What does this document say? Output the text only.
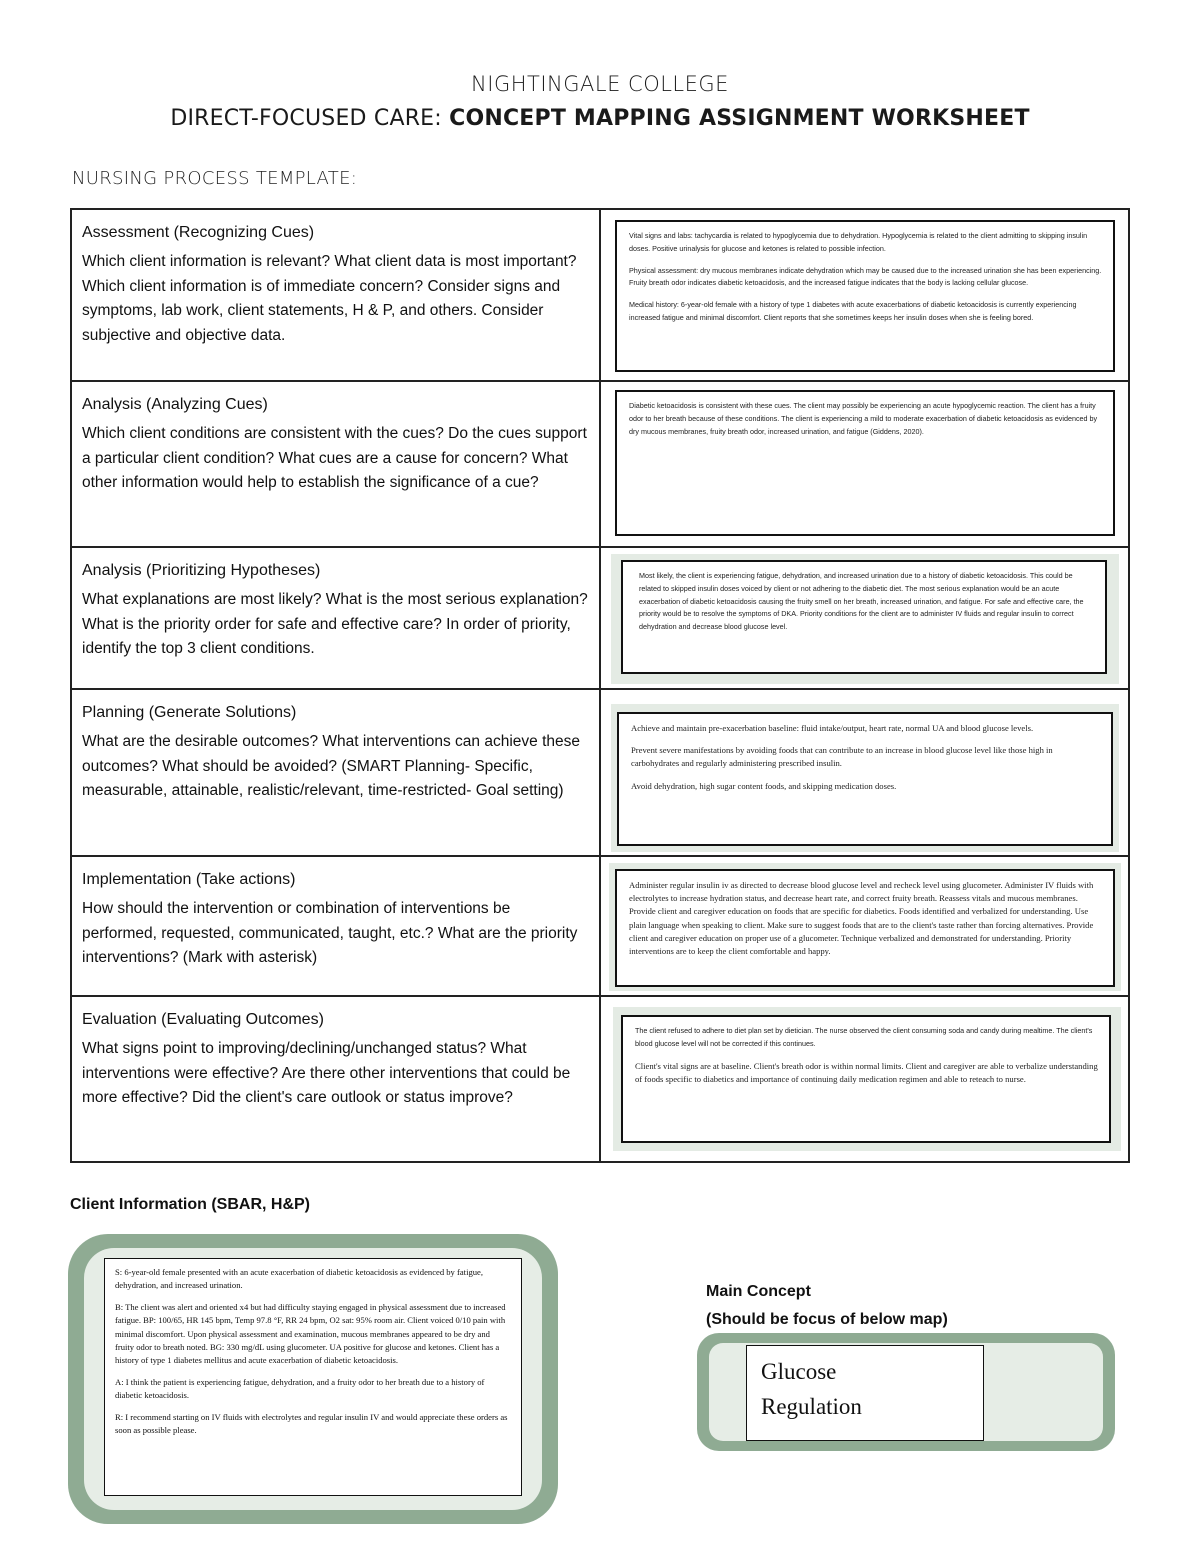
NIGHTINGALE COLLEGE
DIRECT-FOCUSED CARE: CONCEPT MAPPING ASSIGNMENT WORKSHEET
NURSING PROCESS TEMPLATE:
Assessment (Recognizing Cues)
Which client information is relevant? What client data is most important? Which client information is of immediate concern? Consider signs and symptoms, lab work, client statements, H & P, and others. Consider subjective and objective data.

Vital signs and labs: tachycardia is related to hypoglycemia due to dehydration. Hypoglycemia is related to the client admitting to skipping insulin doses. Positive urinalysis for glucose and ketones is related to possible infection.

Physical assessment: dry mucous membranes indicate dehydration which may be caused due to the increased urination she has been experiencing. Fruity breath odor indicates diabetic ketoacidosis, and the increased fatigue indicates that the body is lacking cellular glucose.

Medical history: 6-year-old female with a history of type 1 diabetes with acute exacerbations of diabetic ketoacidosis is currently experiencing increased fatigue and minimal discomfort. Client reports that she sometimes keeps her insulin doses when she is feeling bored.

Analysis (Analyzing Cues)
Which client conditions are consistent with the cues? Do the cues support a particular client condition? What cues are a cause for concern? What other information would help to establish the significance of a cue?

Diabetic ketoacidosis is consistent with these cues. The client may possibly be experiencing an acute hypoglycemic reaction. The client has a fruity odor to her breath because of these conditions. The client is experiencing a mild to moderate exacerbation of diabetic ketoacidosis as evidenced by dry mucous membranes, fruity breath odor, increased urination, and fatigue (Giddens, 2020).

Analysis (Prioritizing Hypotheses)
What explanations are most likely? What is the most serious explanation? What is the priority order for safe and effective care? In order of priority, identify the top 3 client conditions.

Most likely, the client is experiencing fatigue, dehydration, and increased urination due to a history of diabetic ketoacidosis. This could be related to skipped insulin doses voiced by client or not adhering to the diabetic diet. The most serious explanation would be an acute exacerbation of diabetic ketoacidosis causing the fruity smell on her breath, increased urination, and fatigue. For safe and effective care, the priority would be to resolve the symptoms of DKA. Priority conditions for the client are to administer IV fluids and regular insulin to correct dehydration and decrease blood glucose level.

Planning (Generate Solutions)
What are the desirable outcomes? What interventions can achieve these outcomes? What should be avoided? (SMART Planning- Specific, measurable, attainable, realistic/relevant, time-restricted- Goal setting)

Achieve and maintain pre-exacerbation baseline: fluid intake/output, heart rate, normal UA and blood glucose levels.

Prevent severe manifestations by avoiding foods that can contribute to an increase in blood glucose level like those high in carbohydrates and regularly administering prescribed insulin.

Avoid dehydration, high sugar content foods, and skipping medication doses.

Implementation (Take actions)
How should the intervention or combination of interventions be performed, requested, communicated, taught, etc.? What are the priority interventions? (Mark with asterisk)

Administer regular insulin iv as directed to decrease blood glucose level and recheck level using glucometer. Administer IV fluids with electrolytes to increase hydration status, and decrease heart rate, and correct fruity breath. Reassess vitals and mucous membranes. Provide client and caregiver education on foods that are specific for diabetics. Foods identified and verbalized for understanding. Use plain language when speaking to client. Make sure to suggest foods that are to the client's taste rather than forcing alternatives. Provide client and caregiver education on proper use of a glucometer. Technique verbalized and demonstrated for understanding. Priority interventions are to keep the client comfortable and happy.

Evaluation (Evaluating Outcomes)
What signs point to improving/declining/unchanged status? What interventions were effective? Are there other interventions that could be more effective? Did the client's care outlook or status improve?

The client refused to adhere to diet plan set by dietician. The nurse observed the client consuming soda and candy during mealtime. The client's blood glucose level will not be corrected if this continues.

Client's vital signs are at baseline. Client's breath odor is within normal limits. Client and caregiver are able to verbalize understanding of foods specific to diabetics and importance of continuing daily medication regimen and able to reteach to nurse.

Client Information (SBAR, H&P)

S: 6-year-old female presented with an acute exacerbation of diabetic ketoacidosis as evidenced by fatigue, dehydration, and increased urination.

B: The client was alert and oriented x4 but had difficulty staying engaged in physical assessment due to increased fatigue. BP: 100/65, HR 145 bpm, Temp 97.8 °F, RR 24 bpm, O2 sat: 95% room air. Client voiced 0/10 pain with minimal discomfort. Upon physical assessment and examination, mucous membranes appeared to be dry and fruity odor to breath noted. BG: 330 mg/dL using glucometer. UA positive for glucose and ketones. Client has a history of type 1 diabetes mellitus and acute exacerbation of diabetic ketoacidosis.

A: I think the patient is experiencing fatigue, dehydration, and a fruity odor to her breath due to a history of diabetic ketoacidosis.

R: I recommend starting on IV fluids with electrolytes and regular insulin IV and would appreciate these orders as soon as possible please.

Main Concept
(Should be focus of below map)
Glucose
Regulation
